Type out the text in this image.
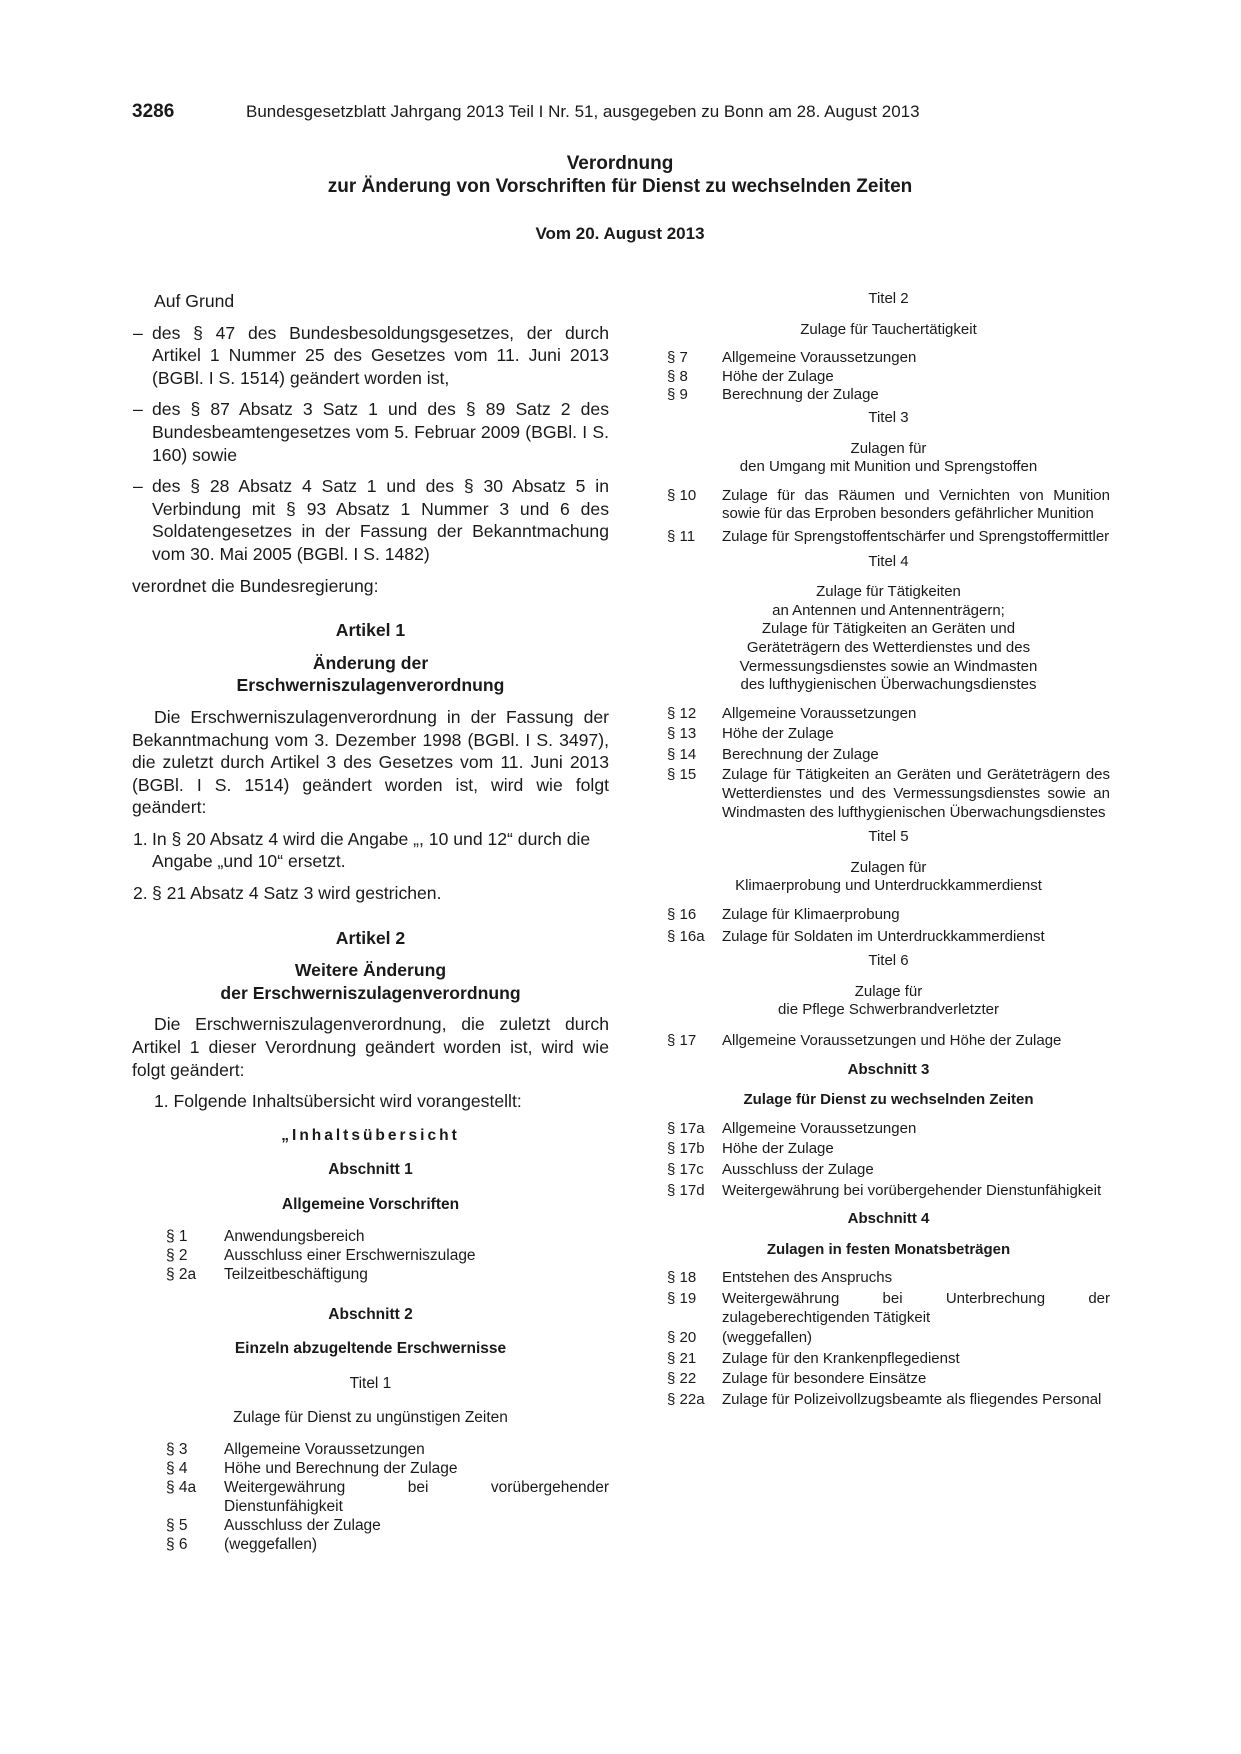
3286	Bundesgesetzblatt Jahrgang 2013 Teil I Nr. 51, ausgegeben zu Bonn am 28. August 2013
Verordnung
zur Änderung von Vorschriften für Dienst zu wechselnden Zeiten
Vom 20. August 2013

Auf Grund

– des § 47 des Bundesbesoldungsgesetzes, der durch Artikel 1 Nummer 25 des Gesetzes vom 11. Juni 2013 (BGBl. I S. 1514) geändert worden ist,
– des § 87 Absatz 3 Satz 1 und des § 89 Satz 2 des Bundesbeamtengesetzes vom 5. Februar 2009 (BGBl. I S. 160) sowie
– des § 28 Absatz 4 Satz 1 und des § 30 Absatz 5 in Verbindung mit § 93 Absatz 1 Nummer 3 und 6 des Soldatengesetzes in der Fassung der Bekanntmachung vom 30. Mai 2005 (BGBl. I S. 1482)

verordnet die Bundesregierung:

Artikel 1

Änderung der

Erschwerniszulagenverordnung

Die Erschwerniszulagenverordnung in der Fassung der Bekanntmachung vom 3. Dezember 1998 (BGBl. I S. 3497), die zuletzt durch Artikel 3 des Gesetzes vom 11. Juni 2013 (BGBl. I S. 1514) geändert worden ist, wird wie folgt geändert:

1. In § 20 Absatz 4 wird die Angabe „, 10 und 12“ durch die Angabe „und 10“ ersetzt.
2. § 21 Absatz 4 Satz 3 wird gestrichen.

Artikel 2

Weitere Änderung

der Erschwerniszulagenverordnung

Die Erschwerniszulagenverordnung, die zuletzt durch Artikel 1 dieser Verordnung geändert worden ist, wird wie folgt geändert:

1. Folgende Inhaltsübersicht wird vorangestellt:

„Inhaltsübersicht

Abschnitt 1

Allgemeine Vorschriften

§ 1	Anwendungsbereich
§ 2	Ausschluss einer Erschwerniszulage
§ 2a	Teilzeitbeschäftigung

Abschnitt 2

Einzeln abzugeltende Erschwernisse

Titel 1

Zulage für Dienst zu ungünstigen Zeiten

§ 3	Allgemeine Voraussetzungen
§ 4	Höhe und Berechnung der Zulage
§ 4a	Weitergewährung bei vorübergehender Dienstunfähigkeit
§ 5	Ausschluss der Zulage
§ 6	(weggefallen)

Titel 2

Zulage für Tauchertätigkeit

§ 7	Allgemeine Voraussetzungen
§ 8	Höhe der Zulage
§ 9	Berechnung der Zulage

Titel 3

Zulagen für

den Umgang mit Munition und Sprengstoffen

§ 10	Zulage für das Räumen und Vernichten von Munition sowie für das Erproben besonders gefährlicher Munition
§ 11	Zulage für Sprengstoffentschärfer und Sprengstoffermittler

Titel 4

Zulage für Tätigkeiten

an Antennen und Antennenträgern;

Zulage für Tätigkeiten an Geräten und

Geräteträgern des Wetterdienstes und des

Vermessungsdienstes sowie an Windmasten

des lufthygienischen Überwachungsdienstes

§ 12	Allgemeine Voraussetzungen
§ 13	Höhe der Zulage
§ 14	Berechnung der Zulage
§ 15	Zulage für Tätigkeiten an Geräten und Geräteträgern des Wetterdienstes und des Vermessungsdienstes sowie an Windmasten des lufthygienischen Überwachungsdienstes

Titel 5

Zulagen für

Klimaerprobung und Unterdruckkammerdienst

§ 16	Zulage für Klimaerprobung
§ 16a	Zulage für Soldaten im Unterdruckkammerdienst

Titel 6

Zulage für

die Pflege Schwerbrandverletzter

§ 17	Allgemeine Voraussetzungen und Höhe der Zulage

Abschnitt 3

Zulage für Dienst zu wechselnden Zeiten

§ 17a	Allgemeine Voraussetzungen
§ 17b	Höhe der Zulage
§ 17c	Ausschluss der Zulage
§ 17d	Weitergewährung bei vorübergehender Dienstunfähigkeit

Abschnitt 4

Zulagen in festen Monatsbeträgen

§ 18	Entstehen des Anspruchs
§ 19	Weitergewährung bei Unterbrechung der zulageberechtigenden Tätigkeit
§ 20	(weggefallen)
§ 21	Zulage für den Krankenpflegedienst
§ 22	Zulage für besondere Einsätze
§ 22a	Zulage für Polizeivollzugsbeamte als fliegendes Personal
